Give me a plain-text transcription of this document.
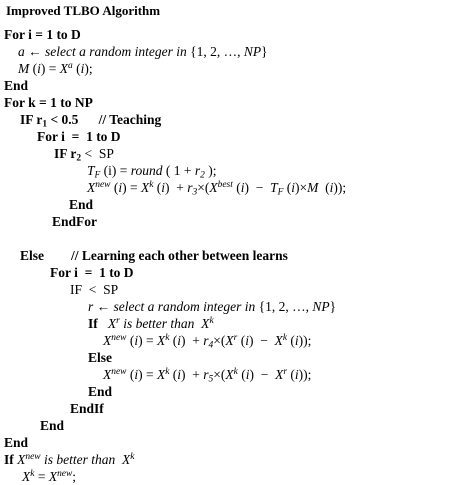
Improved TLBO Algorithm
For i = 1 to D
a ← select a random integer in {1, 2, …, NP}
M $(i) = X^a$ (i);
End
For k = 1 to NP
IF $r_1 < 0.5$      // Teaching
For i  =  1 to D
IF $r_2$ <  SP
$T_F$ (i) = round ( $1 + r_2$ );
$X^{new}$ $(i) = X^k$ $(i) + r_3\times(X^{best}$ $(i) - T_F$ (i)×M  (i));
End
EndFor
Else        // Learning each other between learns
For i  =  1 to D
IF  <  SP
r ← select a random integer in {1, 2, …, NP}
If   $X^r$ is better than  $X^k$
$X^{new}$ $(i) = X^k$ $(i) + r_4\times(X^r$ $(i) - X^k$ (i));
Else
$X^{new}$ $(i) = X^k$ $(i) + r_5\times(X^k$ $(i) - X^r$ (i));
End
EndIf
End
End
If $X^{new}$ is better than  $X^k$
$X^k = X^{new}$;
